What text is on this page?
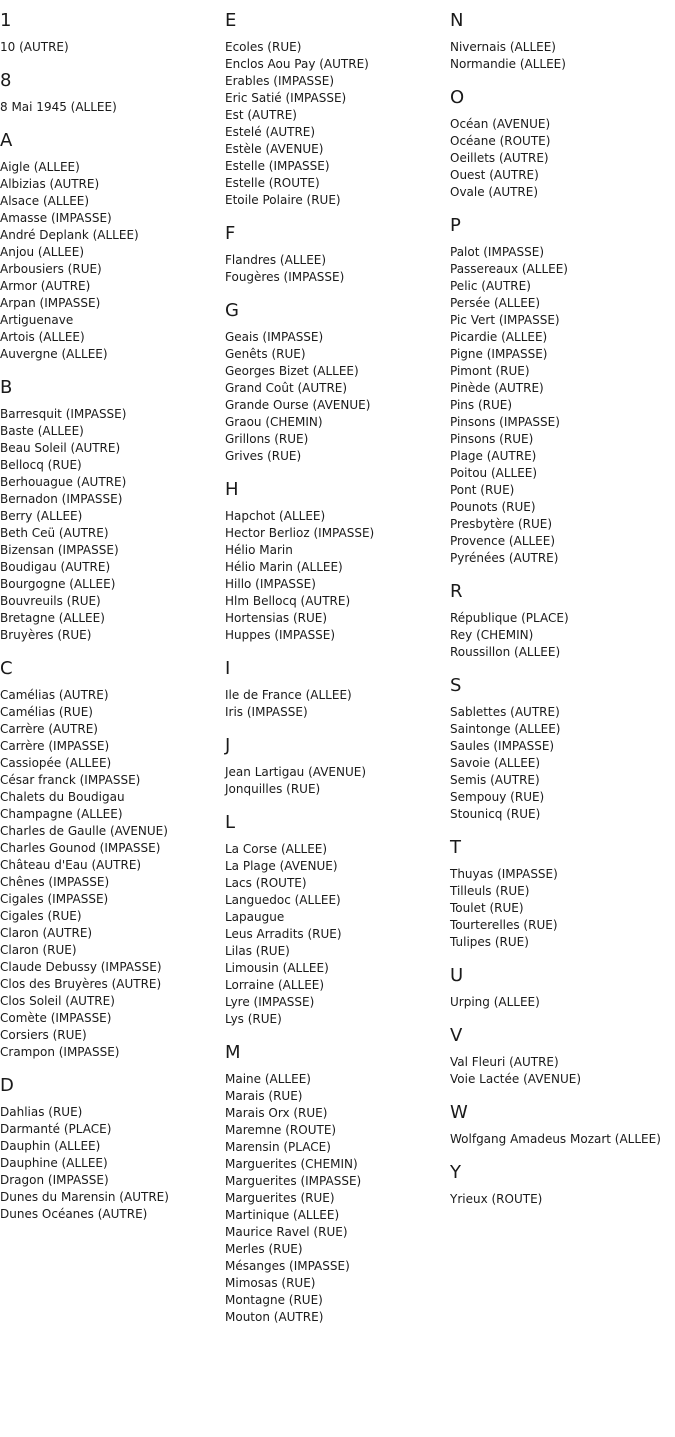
1
10 (AUTRE)
8
8 Mai 1945 (ALLEE)
A
Aigle (ALLEE)
Albizias (AUTRE)
Alsace (ALLEE)
Amasse (IMPASSE)
André Deplank (ALLEE)
Anjou (ALLEE)
Arbousiers (RUE)
Armor (AUTRE)
Arpan (IMPASSE)
Artiguenave
Artois (ALLEE)
Auvergne (ALLEE)
B
Barresquit (IMPASSE)
Baste (ALLEE)
Beau Soleil (AUTRE)
Bellocq (RUE)
Berhouague (AUTRE)
Bernadon (IMPASSE)
Berry (ALLEE)
Beth Ceü (AUTRE)
Bizensan (IMPASSE)
Boudigau (AUTRE)
Bourgogne (ALLEE)
Bouvreuils (RUE)
Bretagne (ALLEE)
Bruyères (RUE)
C
Camélias (AUTRE)
Camélias (RUE)
Carrère (AUTRE)
Carrère (IMPASSE)
Cassiopée (ALLEE)
César franck (IMPASSE)
Chalets du Boudigau
Champagne (ALLEE)
Charles de Gaulle (AVENUE)
Charles Gounod (IMPASSE)
Château d'Eau (AUTRE)
Chênes (IMPASSE)
Cigales (IMPASSE)
Cigales (RUE)
Claron (AUTRE)
Claron (RUE)
Claude Debussy (IMPASSE)
Clos des Bruyères (AUTRE)
Clos Soleil (AUTRE)
Comète (IMPASSE)
Corsiers (RUE)
Crampon (IMPASSE)
D
Dahlias (RUE)
Darmanté (PLACE)
Dauphin (ALLEE)
Dauphine (ALLEE)
Dragon (IMPASSE)
Dunes du Marensin (AUTRE)
Dunes Océanes (AUTRE)
E
Ecoles (RUE)
Enclos Aou Pay (AUTRE)
Erables (IMPASSE)
Eric Satié (IMPASSE)
Est (AUTRE)
Estelé (AUTRE)
Estèle (AVENUE)
Estelle (IMPASSE)
Estelle (ROUTE)
Etoile Polaire (RUE)
F
Flandres (ALLEE)
Fougères (IMPASSE)
G
Geais (IMPASSE)
Genêts (RUE)
Georges Bizet (ALLEE)
Grand Coût (AUTRE)
Grande Ourse (AVENUE)
Graou (CHEMIN)
Grillons (RUE)
Grives (RUE)
H
Hapchot (ALLEE)
Hector Berlioz (IMPASSE)
Hélio Marin
Hélio Marin (ALLEE)
Hillo (IMPASSE)
Hlm Bellocq (AUTRE)
Hortensias (RUE)
Huppes (IMPASSE)
I
Ile de France (ALLEE)
Iris (IMPASSE)
J
Jean Lartigau (AVENUE)
Jonquilles (RUE)
L
La Corse (ALLEE)
La Plage (AVENUE)
Lacs (ROUTE)
Languedoc (ALLEE)
Lapaugue
Leus Arradits (RUE)
Lilas (RUE)
Limousin (ALLEE)
Lorraine (ALLEE)
Lyre (IMPASSE)
Lys (RUE)
M
Maine (ALLEE)
Marais (RUE)
Marais Orx (RUE)
Maremne (ROUTE)
Marensin (PLACE)
Marguerites (CHEMIN)
Marguerites (IMPASSE)
Marguerites (RUE)
Martinique (ALLEE)
Maurice Ravel (RUE)
Merles (RUE)
Mésanges (IMPASSE)
Mimosas (RUE)
Montagne (RUE)
Mouton (AUTRE)
N
Nivernais (ALLEE)
Normandie (ALLEE)
O
Océan (AVENUE)
Océane (ROUTE)
Oeillets (AUTRE)
Ouest (AUTRE)
Ovale (AUTRE)
P
Palot (IMPASSE)
Passereaux (ALLEE)
Pelic (AUTRE)
Persée (ALLEE)
Pic Vert (IMPASSE)
Picardie (ALLEE)
Pigne (IMPASSE)
Pimont (RUE)
Pinède (AUTRE)
Pins (RUE)
Pinsons (IMPASSE)
Pinsons (RUE)
Plage (AUTRE)
Poitou (ALLEE)
Pont (RUE)
Pounots (RUE)
Presbytère (RUE)
Provence (ALLEE)
Pyrénées (AUTRE)
R
République (PLACE)
Rey (CHEMIN)
Roussillon (ALLEE)
S
Sablettes (AUTRE)
Saintonge (ALLEE)
Saules (IMPASSE)
Savoie (ALLEE)
Semis (AUTRE)
Sempouy (RUE)
Stounicq (RUE)
T
Thuyas (IMPASSE)
Tilleuls (RUE)
Toulet (RUE)
Tourterelles (RUE)
Tulipes (RUE)
U
Urping (ALLEE)
V
Val Fleuri (AUTRE)
Voie Lactée (AVENUE)
W
Wolfgang Amadeus Mozart (ALLEE)
Y
Yrieux (ROUTE)
